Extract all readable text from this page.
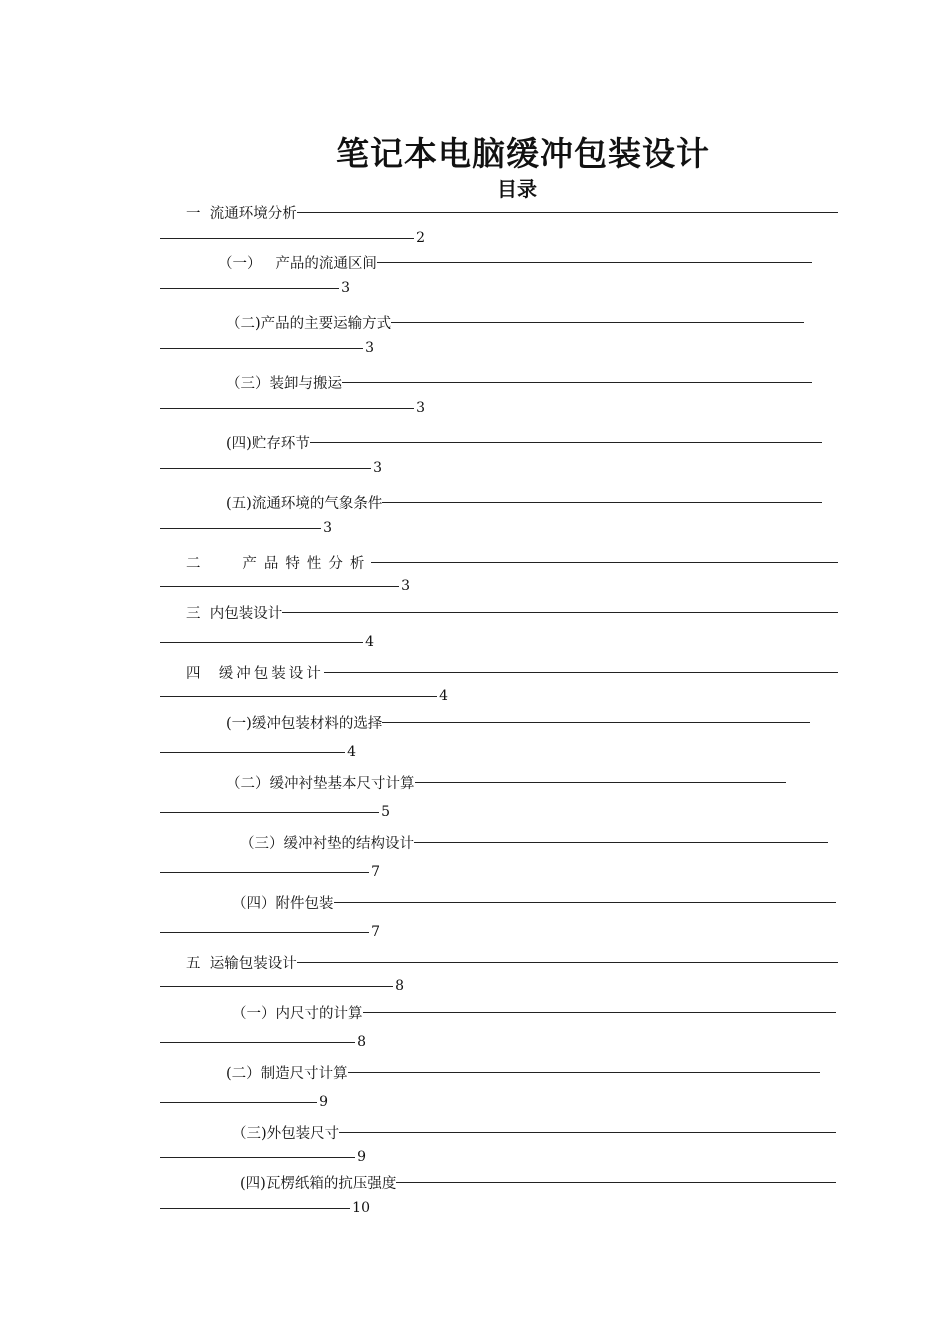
笔记本电脑缓冲包装设计
目录
一  流通环境分析
2
（一）   产品的流通区间
3
（二)产品的主要运输方式
3
（三）装卸与搬运
3
(四)贮存环节
3
(五)流通环境的气象条件
3
二   产品特性分析
3
三  内包装设计
4
四  缓冲包装设计
4
(一)缓冲包装材料的选择
4
（二）缓冲衬垫基本尺寸计算
5
（三）缓冲衬垫的结构设计
7
（四）附件包装
7
五  运输包装设计
8
（一）内尺寸的计算
8
(二）制造尺寸计算
9
（三)外包装尺寸
9
(四)瓦楞纸箱的抗压强度
10
